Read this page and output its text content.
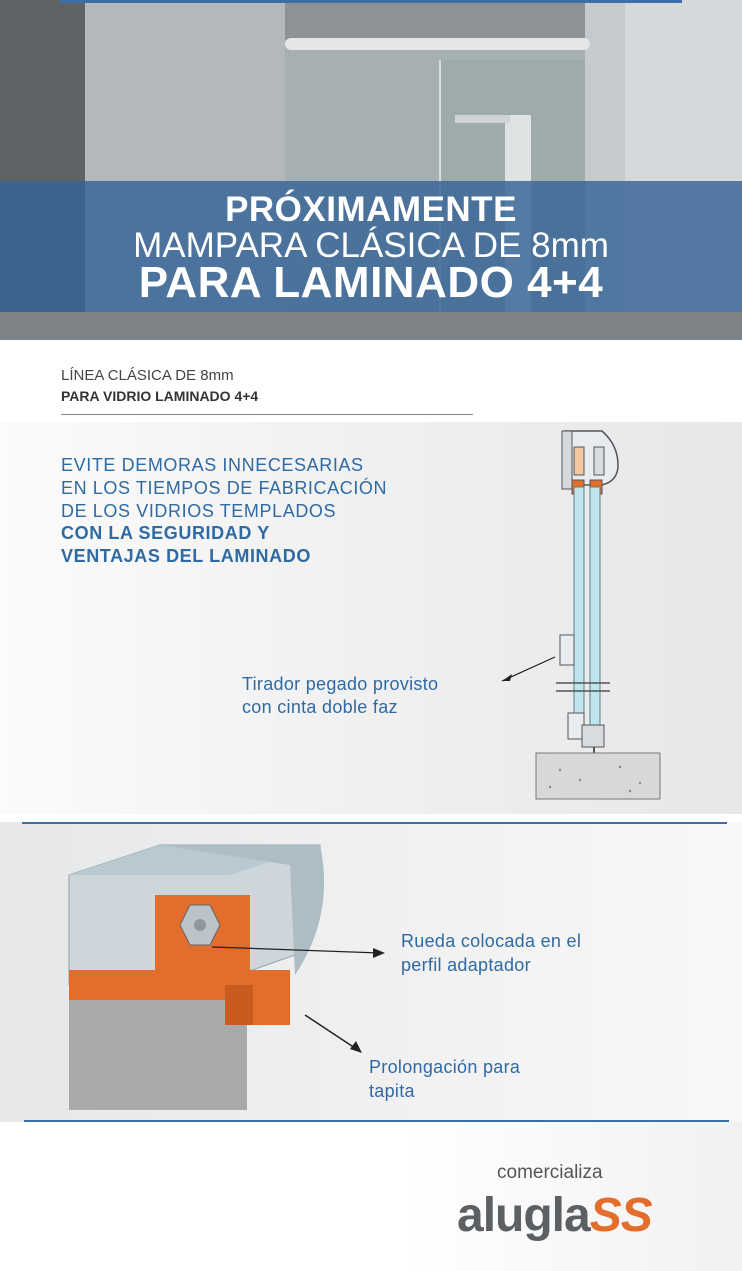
PRÓXIMAMENTE
MAMPARA CLÁSICA DE 8mm
PARA LAMINADO 4+4
LÍNEA CLÁSICA DE 8mm
PARA VIDRIO LAMINADO 4+4
EVITE DEMORAS INNECESARIAS
EN LOS TIEMPOS DE FABRICACIÓN
DE LOS VIDRIOS TEMPLADOS
CON LA SEGURIDAD Y
VENTAJAS DEL LAMINADO
Tirador pegado provisto
con cinta doble faz
Rueda colocada en el
perfil adaptador
Prolongación para
tapita
comercializa
aluglaSS
